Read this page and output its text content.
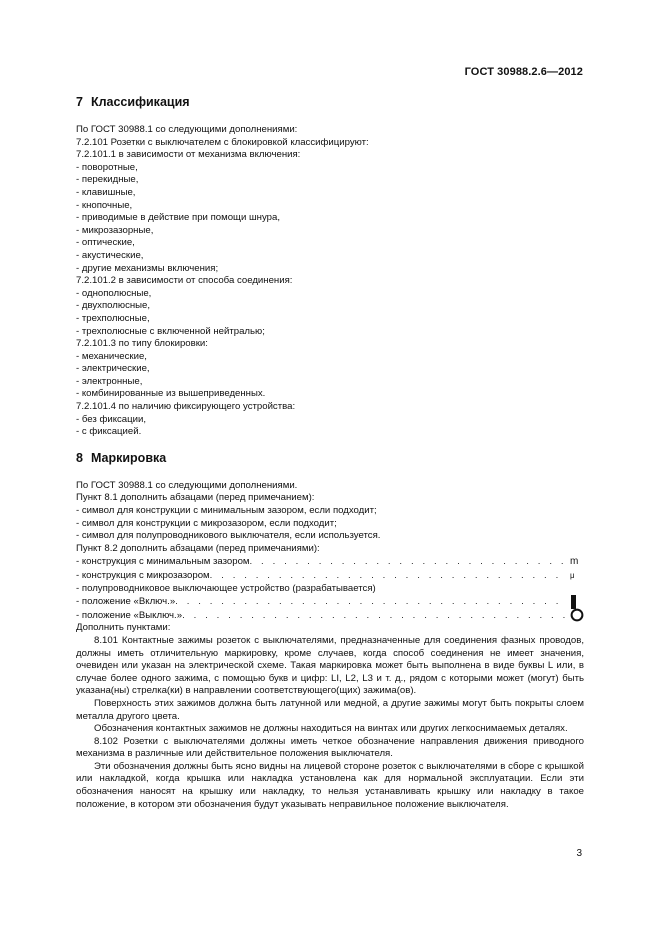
ГОСТ 30988.2.6—2012
7 Классификация
По ГОСТ 30988.1 со следующими дополнениями:
7.2.101 Розетки с выключателем с блокировкой классифицируют:
7.2.101.1 в зависимости от механизма включения:
- поворотные,
- перекидные,
- клавишные,
- кнопочные,
- приводимые в действие при помощи шнура,
- микрозазорные,
- оптические,
- акустические,
- другие механизмы включения;
7.2.101.2 в зависимости от способа соединения:
- однополюсные,
- двухполюсные,
- трехполюсные,
- трехполюсные с включенной нейтралью;
7.2.101.3 по типу блокировки:
- механические,
- электрические,
- электронные,
- комбинированные из вышеприведенных.
7.2.101.4 по наличию фиксирующего устройства:
- без фиксации,
- с фиксацией.
8 Маркировка
По ГОСТ 30988.1 со следующими дополнениями.
Пункт 8.1 дополнить абзацами (перед примечанием):
- символ для конструкции с минимальным зазором, если подходит;
- символ для конструкции с микрозазором, если подходит;
- символ для полупроводникового выключателя, если используется.
Пункт 8.2 дополнить абзацами (перед примечаниями):
- конструкция с минимальным зазором . . .	m
- конструкция с микрозазором . . .	μ
- полупроводниковое выключающее устройство (разрабатывается)
- положение «Включ.»
. . .
- положение «Выключ.»
. . .
Дополнить пунктами:
8.101 Контактные зажимы розеток с выключателями, предназначенные для соединения фазных проводов, должны иметь отличительную маркировку, кроме случаев, когда способ соединения не имеет значения, очевиден или указан на электрической схеме. Такая маркировка может быть выполнена в виде буквы L или, в случае более одного зажима, с помощью букв и цифр: LI, L2, L3 и т. д., рядом с которыми может (могут) быть указана(ны) стрелка(ки) в направлении соответствующего(щих) зажима(ов).
Поверхность этих зажимов должна быть латунной или медной, а другие зажимы могут быть покрыты слоем металла другого цвета.
Обозначения контактных зажимов не должны находиться на винтах или других легкоснимаемых деталях.
8.102 Розетки с выключателями должны иметь четкое обозначение направления движения приводного механизма в различные или действительное положения выключателя.
Эти обозначения должны быть ясно видны на лицевой стороне розеток с выключателями в сборе с крышкой или накладкой, когда крышка или накладка установлена как для нормальной эксплуатации. Если эти обозначения наносят на крышку или накладку, то нельзя устанавливать крышку или накладку в такое положение, в котором эти обозначения будут указывать неправильное положение выключателя.
3
